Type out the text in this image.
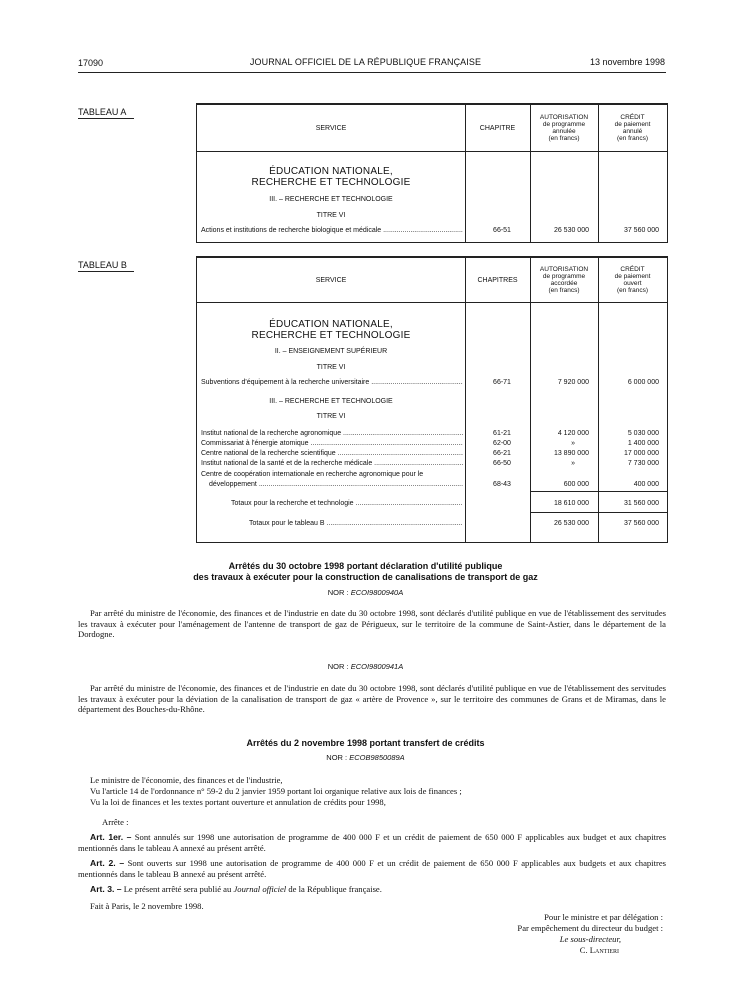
17090	JOURNAL OFFICIEL DE LA RÉPUBLIQUE FRANÇAISE	13 novembre 1998
TABLEAU A
SERVICE	CHAPITRE
AUTORISATION
de programme
annulée
(en francs)
CRÉDIT
de paiement
annulé
(en francs)
ÉDUCATION NATIONALE,
RECHERCHE ET TECHNOLOGIE
III. – RECHERCHE ET TECHNOLOGIE
TITRE VI
Actions et institutions de recherche biologique et médicale .....	66-51	26 530 000	37 560 000
TABLEAU B
SERVICE	CHAPITRES
AUTORISATION
de programme
accordée
(en francs)
CRÉDIT
de paiement
ouvert
(en francs)
ÉDUCATION NATIONALE,
RECHERCHE ET TECHNOLOGIE
II. – ENSEIGNEMENT SUPÉRIEUR
TITRE VI
Subventions d'équipement à la recherche universitaire .....	66-71	7 920 000	6 000 000
III. – RECHERCHE ET TECHNOLOGIE
TITRE VI
Institut national de la recherche agronomique .....	61-21	4 120 000	5 030 000
Commissariat à l'énergie atomique .....	62-00	»	1 400 000
Centre national de la recherche scientifique .....	66-21	13 890 000	17 000 000
Institut national de la santé et de la recherche médicale .....	66-50	»	7 730 000
Centre de coopération internationale en recherche agronomique pour le
développement .....	68-43	600 000	400 000
Totaux pour la recherche et technologie .....	18 610 000	31 560 000
Totaux pour le tableau B .....	26 530 000	37 560 000
Arrêtés du 30 octobre 1998 portant déclaration d'utilité publique
des travaux à exécuter pour la construction de canalisations de transport de gaz
NOR : ECOI9800940A
Par arrêté du ministre de l'économie, des finances et de l'industrie en date du 30 octobre 1998, sont déclarés d'utilité publique en vue de l'établissement des servitudes les travaux à exécuter pour l'aménagement de l'antenne de transport de gaz de Périgueux, sur le territoire de la commune de Saint-Astier, dans le département de la Dordogne.
NOR : ECOI9800941A
Par arrêté du ministre de l'économie, des finances et de l'industrie en date du 30 octobre 1998, sont déclarés d'utilité publique en vue de l'établissement des servitudes les travaux à exécuter pour la déviation de la canalisation de transport de gaz « artère de Provence », sur le territoire des communes de Grans et de Miramas, dans le département des Bouches-du-Rhône.
Arrêtés du 2 novembre 1998 portant transfert de crédits
NOR : ECOB9850089A
Le ministre de l'économie, des finances et de l'industrie,
Vu l'article 14 de l'ordonnance n° 59-2 du 2 janvier 1959 portant loi organique relative aux lois de finances ;
Vu la loi de finances et les textes portant ouverture et annulation de crédits pour 1998,
Arrête :
Art. 1er. – Sont annulés sur 1998 une autorisation de programme de 400 000 F et un crédit de paiement de 650 000 F applicables aux budget et aux chapitres mentionnés dans le tableau A annexé au présent arrêté.
Art. 2. – Sont ouverts sur 1998 une autorisation de programme de 400 000 F et un crédit de paiement de 650 000 F applicables aux budgets et aux chapitres mentionnés dans le tableau B annexé au présent arrêté.
Art. 3. – Le présent arrêté sera publié au Journal officiel de la République française.
Fait à Paris, le 2 novembre 1998.
Pour le ministre et par délégation :
Par empêchement du directeur du budget :
Le sous-directeur,
C. Lantieri
